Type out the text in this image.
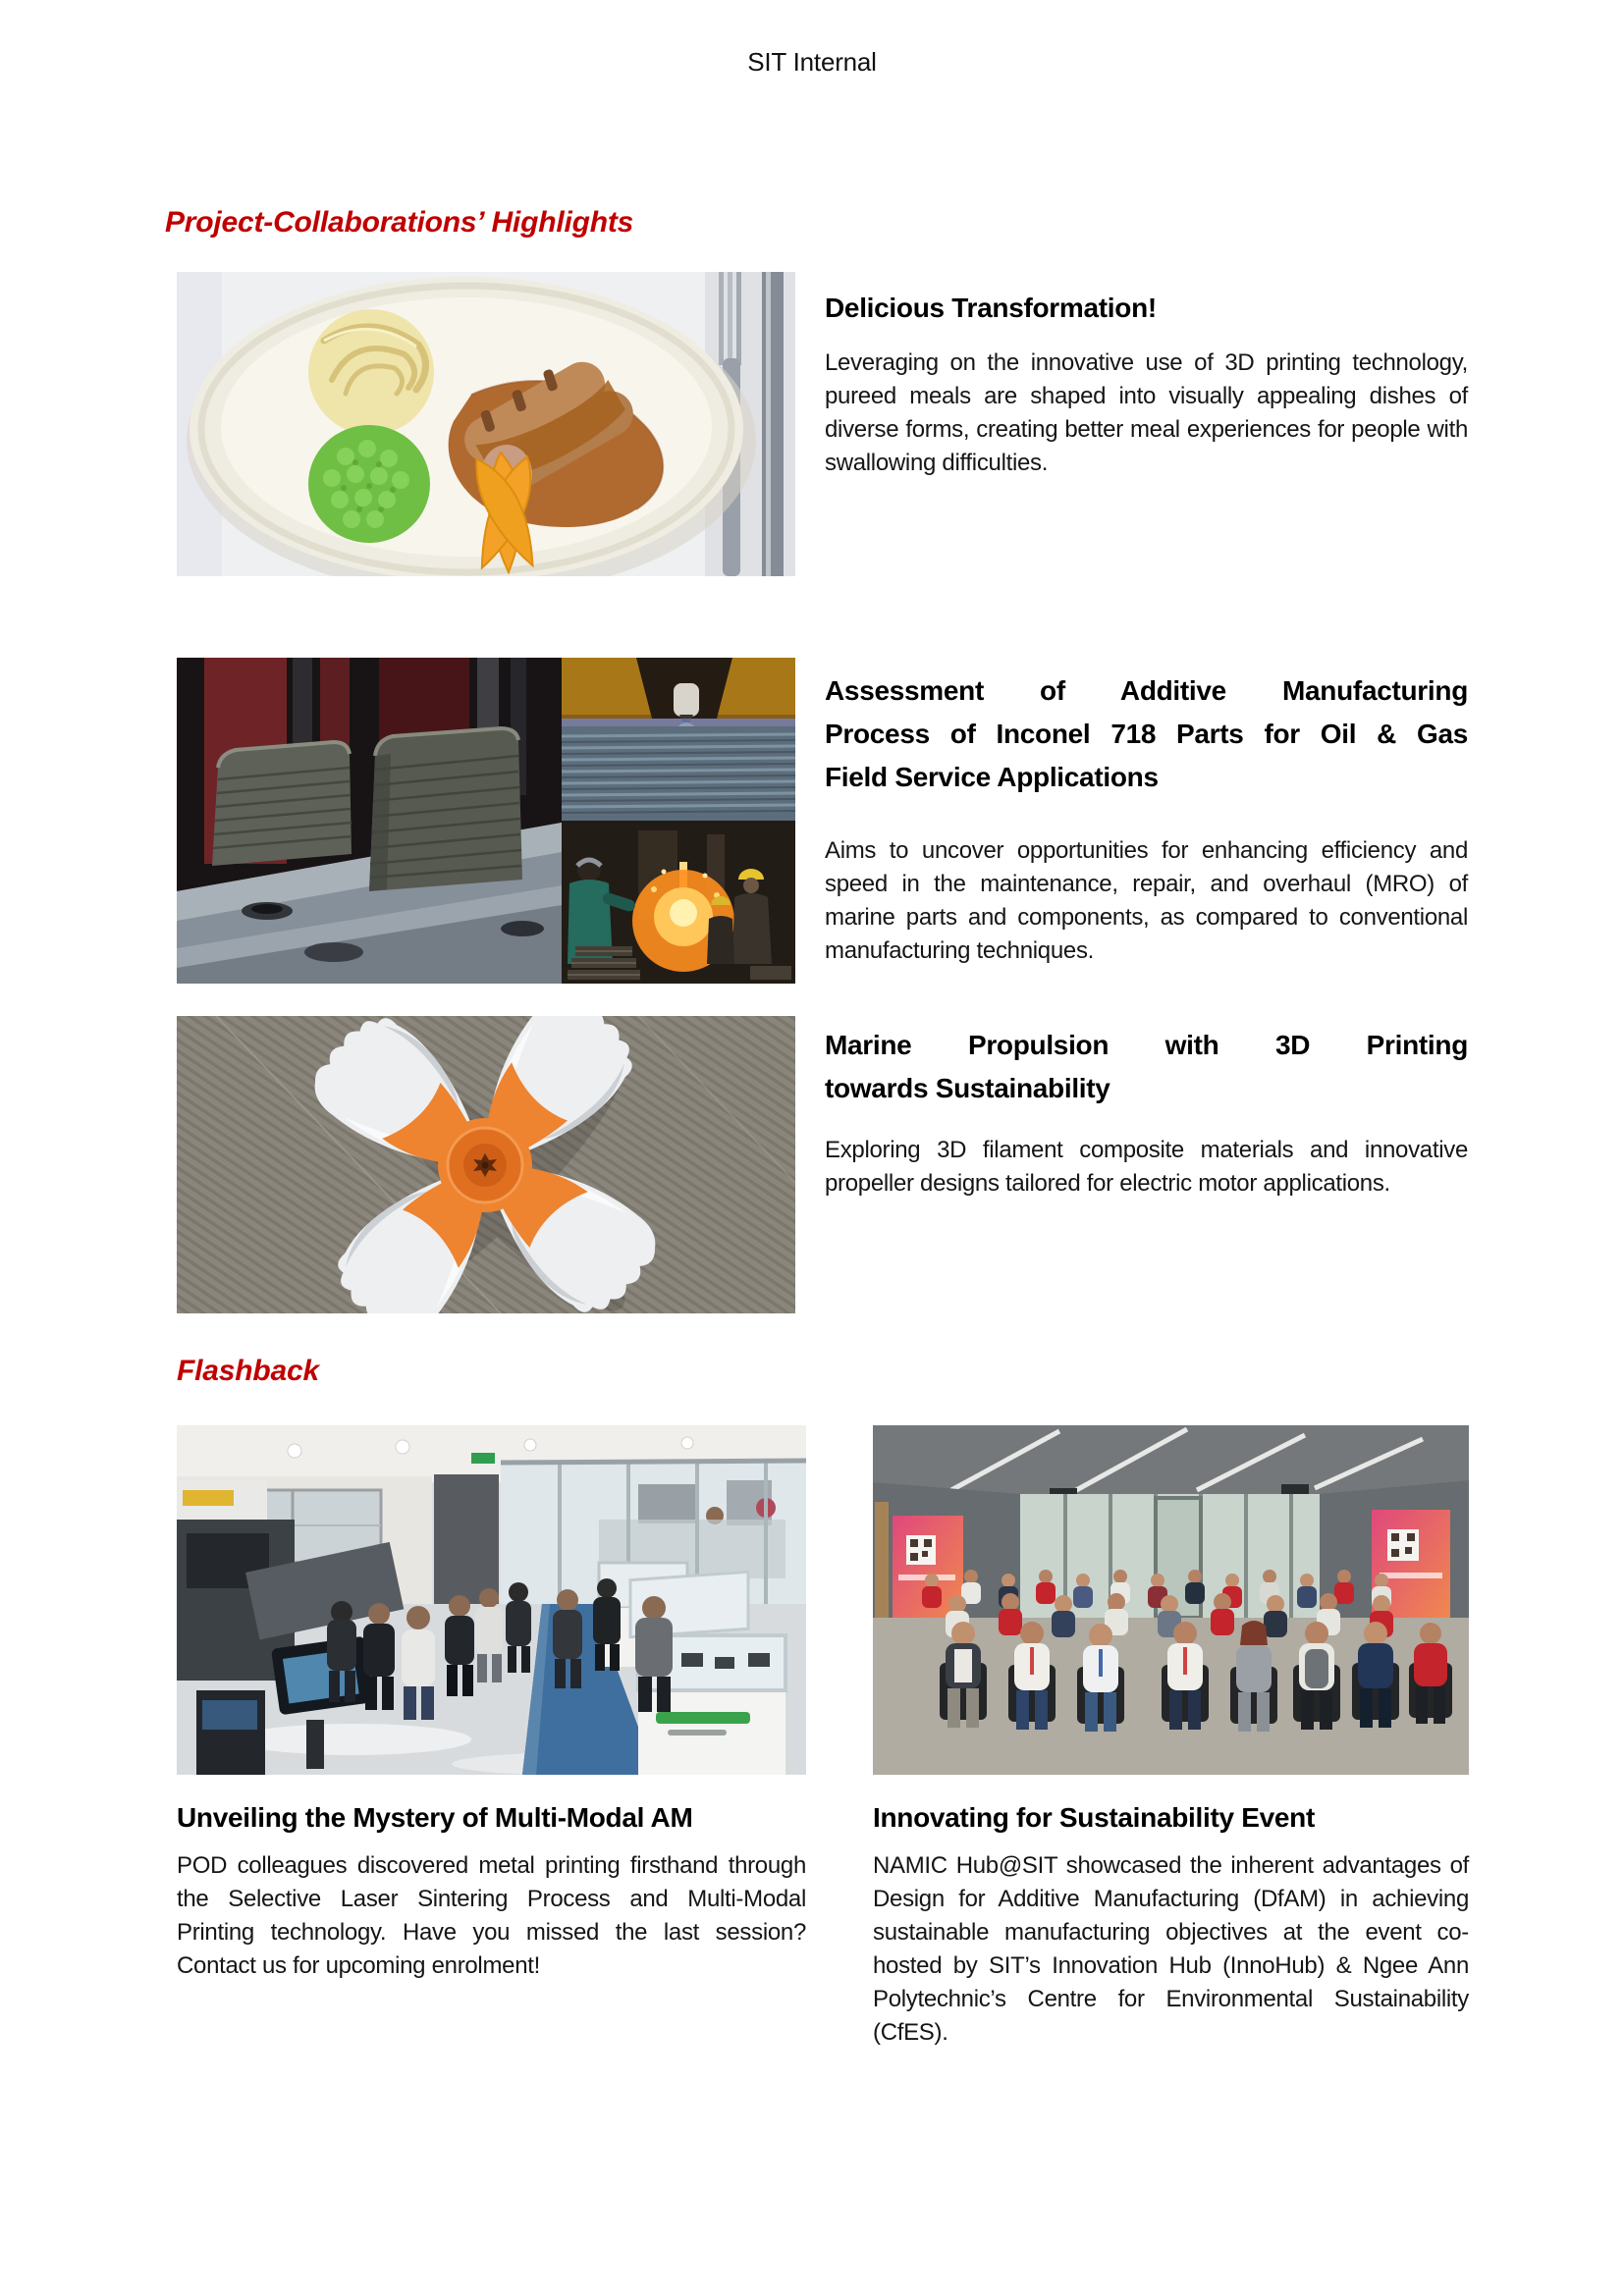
SIT Internal
Project-Collaborations’ Highlights
Delicious Transformation!
Leveraging on the innovative use of 3D printing technology, pureed meals are shaped into visually appealing dishes of diverse forms, creating better meal experiences for people with swallowing difficulties.
Assessment of Additive Manufacturing
Process of Inconel 718 Parts for Oil & Gas
Field Service Applications
Aims to uncover opportunities for enhancing efficiency and speed in the maintenance, repair, and overhaul (MRO) of marine parts and components, as compared to conventional manufacturing techniques.
Marine Propulsion with 3D Printing
towards Sustainability
Exploring 3D filament composite materials and innovative propeller designs tailored for electric motor applications.
Flashback
Unveiling the Mystery of Multi-Modal AM
POD colleagues discovered metal printing firsthand through the Selective Laser Sintering Process and Multi-Modal Printing technology. Have you missed the last session? Contact us for upcoming enrolment!
Innovating for Sustainability Event
NAMIC Hub@SIT showcased the inherent advantages of Design for Additive Manufacturing (DfAM) in achieving sustainable manufacturing objectives at the event co-hosted by SIT’s Innovation Hub (InnoHub) & Ngee Ann Polytechnic’s Centre for Environmental Sustainability (CfES).
